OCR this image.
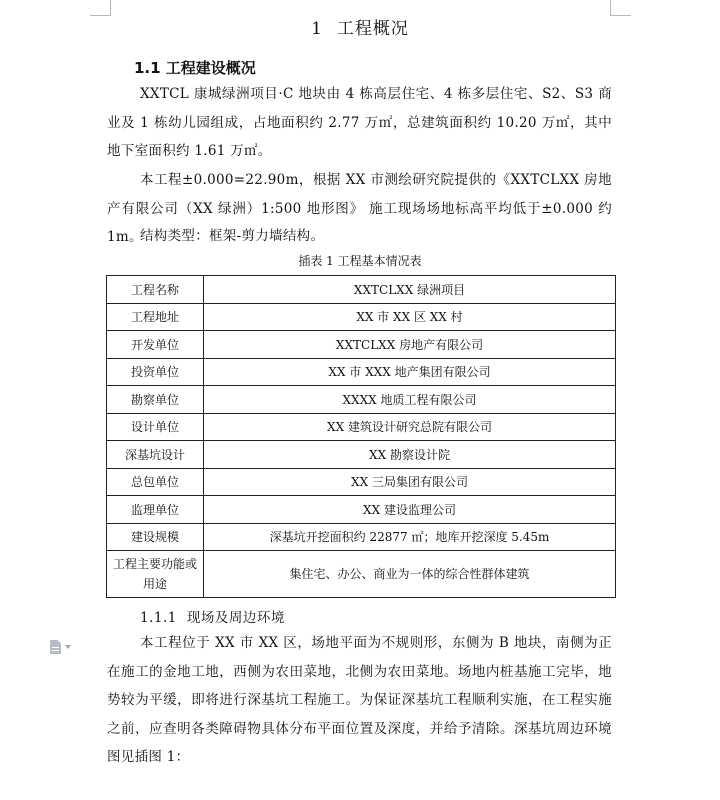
1 工程概况
1.1 工程建设概况
XXTCL 康城绿洲项目·C 地块由 4 栋高层住宅、4 栋多层住宅、S2、S3 商业及 1 栋幼儿园组成，占地面积约 2.77 万㎡，总建筑面积约 10.20 万㎡，其中地下室面积约 1.61 万㎡。
本工程±0.000=22.90m，根据 XX 市测绘研究院提供的《XXTCLXX 房地产有限公司（XX 绿洲）1:500 地形图》 施工现场场地标高平均低于±0.000 约 1m。
结构类型：框架-剪力墙结构。
插表 1 工程基本情况表
工程名称	XXTCLXX 绿洲项目
工程地址	XX 市 XX 区 XX 村
开发单位	XXTCLXX 房地产有限公司
投资单位	XX 市 XXX 地产集团有限公司
勘察单位	XXXX 地质工程有限公司
设计单位	XX 建筑设计研究总院有限公司
深基坑设计	XX 勘察设计院
总包单位	XX 三局集团有限公司
监理单位	XX 建设监理公司
建设规模	深基坑开挖面积约 22877 ㎡；地库开挖深度 5.45m
工程主要功能或用途	集住宅、办公、商业为一体的综合性群体建筑
1.1.1 现场及周边环境
本工程位于 XX 市 XX 区，场地平面为不规则形，东侧为 B 地块，南侧为正在施工的金地工地，西侧为农田菜地，北侧为农田菜地。场地内桩基施工完毕，地势较为平缓，即将进行深基坑工程施工。为保证深基坑工程顺利实施，在工程实施之前，应查明各类障碍物具体分布平面位置及深度，并给予清除。深基坑周边环境图见插图 1：
